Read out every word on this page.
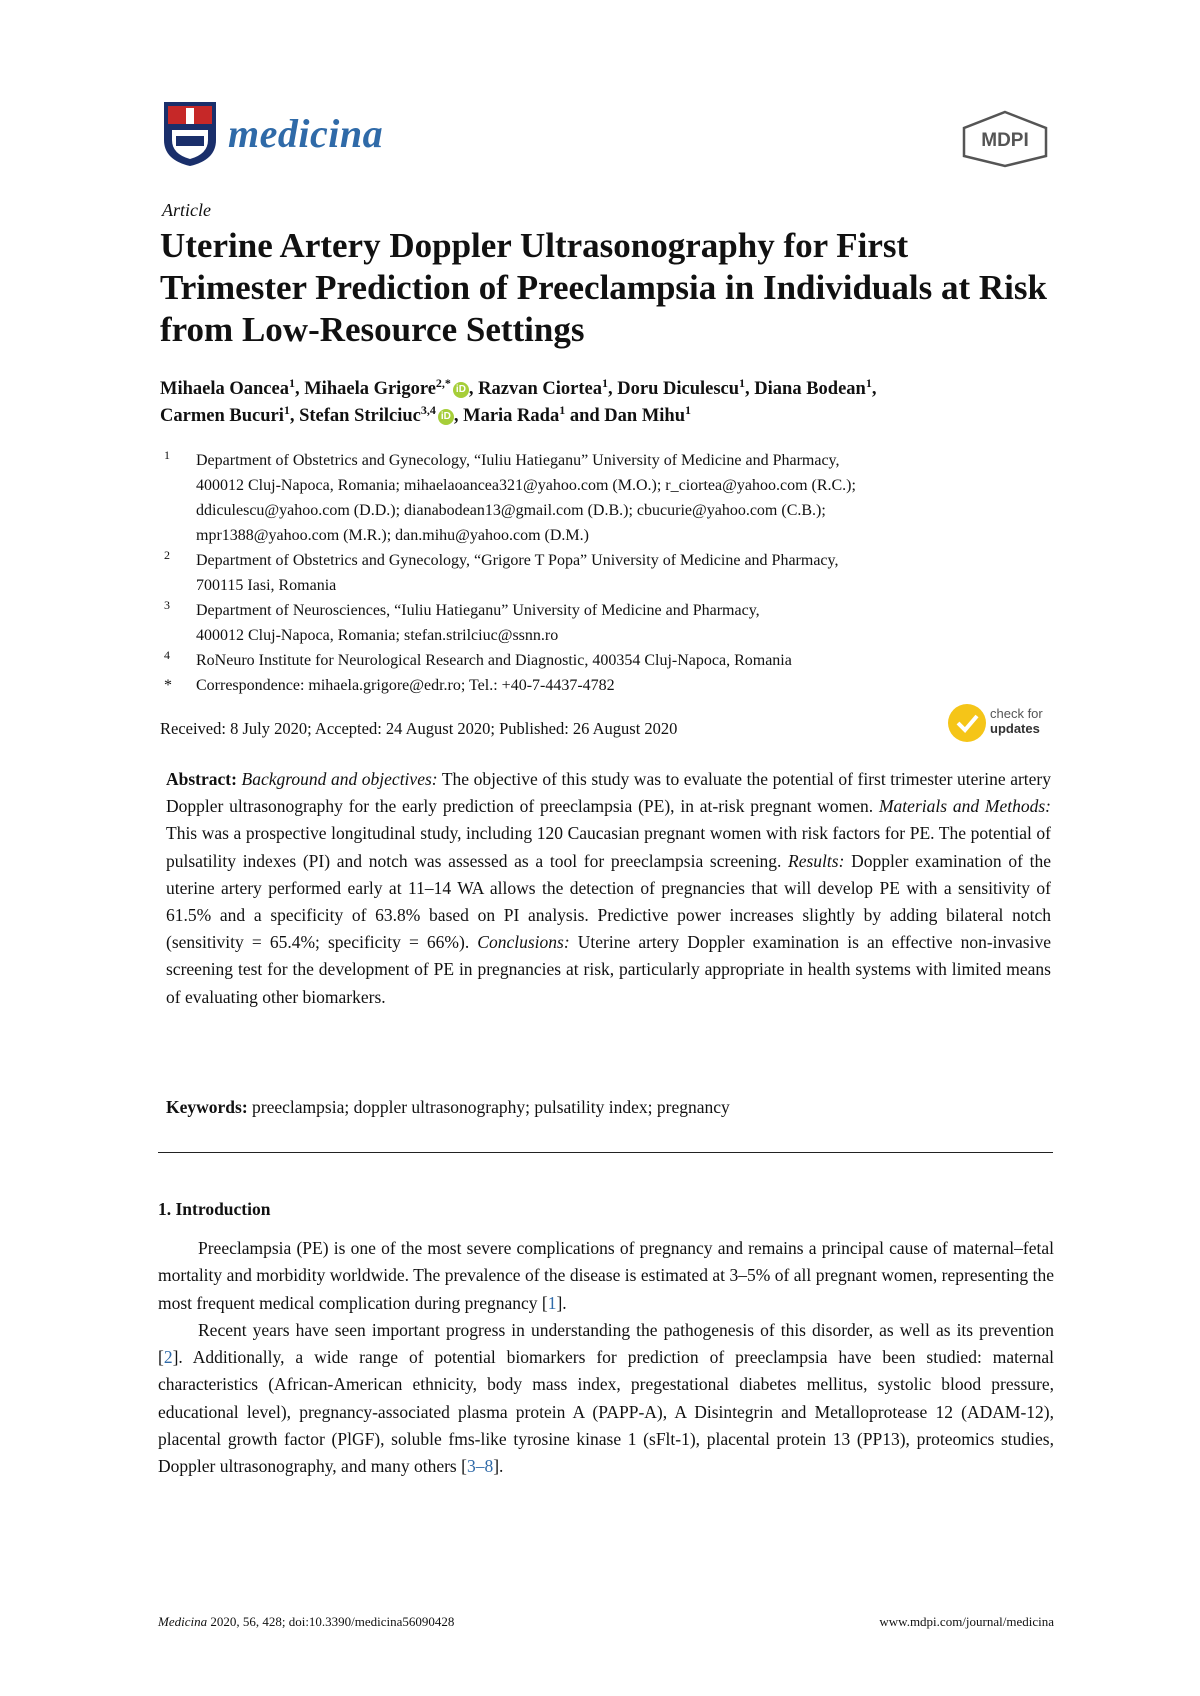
medicina	MDPI
Article
Uterine Artery Doppler Ultrasonography for First Trimester Prediction of Preeclampsia in Individuals at Risk from Low-Resource Settings
Mihaela Oancea$^1$, Mihaela Grigore$^{2,*}$ iD , Razvan Ciortea$^1$, Doru Diculescu$^1$, Diana Bodean$^1$,
Carmen Bucuri$^1$, Stefan Strilciuc$^{3,4}$ iD , Maria Rada$^1$ and Dan Mihu$^1$
1 Department of Obstetrics and Gynecology, “Iuliu Hatieganu” University of Medicine and Pharmacy,
400012 Cluj-Napoca, Romania; mihaelaoancea321@yahoo.com (M.O.); r_ciortea@yahoo.com (R.C.);
ddiculescu@yahoo.com (D.D.); dianabodean13@gmail.com (D.B.); cbucurie@yahoo.com (C.B.);
mpr1388@yahoo.com (M.R.); dan.mihu@yahoo.com (D.M.)
2 Department of Obstetrics and Gynecology, “Grigore T Popa” University of Medicine and Pharmacy,
700115 Iasi, Romania
3 Department of Neurosciences, “Iuliu Hatieganu” University of Medicine and Pharmacy,
400012 Cluj-Napoca, Romania; stefan.strilciuc@ssnn.ro
4 RoNeuro Institute for Neurological Research and Diagnostic, 400354 Cluj-Napoca, Romania
* Correspondence: mihaela.grigore@edr.ro; Tel.: +40-7-4437-4782
Received: 8 July 2020; Accepted: 24 August 2020; Published: 26 August 2020
check for
updates
Abstract: Background and objectives: The objective of this study was to evaluate the potential of first trimester uterine artery Doppler ultrasonography for the early prediction of preeclampsia (PE), in at-risk pregnant women. Materials and Methods: This was a prospective longitudinal study, including 120 Caucasian pregnant women with risk factors for PE. The potential of pulsatility indexes (PI) and notch was assessed as a tool for preeclampsia screening. Results: Doppler examination of the uterine artery performed early at 11–14 WA allows the detection of pregnancies that will develop PE with a sensitivity of 61.5% and a specificity of 63.8% based on PI analysis. Predictive power increases slightly by adding bilateral notch (sensitivity = 65.4%; specificity = 66%). Conclusions: Uterine artery Doppler examination is an effective non-invasive screening test for the development of PE in pregnancies at risk, particularly appropriate in health systems with limited means of evaluating other biomarkers.
Keywords: preeclampsia; doppler ultrasonography; pulsatility index; pregnancy
1. Introduction

Preeclampsia (PE) is one of the most severe complications of pregnancy and remains a principal cause of maternal–fetal mortality and morbidity worldwide. The prevalence of the disease is estimated at 3–5% of all pregnant women, representing the most frequent medical complication during pregnancy [1].

Recent years have seen important progress in understanding the pathogenesis of this disorder, as well as its prevention [2]. Additionally, a wide range of potential biomarkers for prediction of preeclampsia have been studied: maternal characteristics (African-American ethnicity, body mass index, pregestational diabetes mellitus, systolic blood pressure, educational level), pregnancy-associated plasma protein A (PAPP-A), A Disintegrin and Metalloprotease 12 (ADAM-12), placental growth factor (PlGF), soluble fms-like tyrosine kinase 1 (sFlt-1), placental protein 13 (PP13), proteomics studies, Doppler ultrasonography, and many others [3–8].

Medicina 2020, 56, 428; doi:10.3390/medicina56090428	www.mdpi.com/journal/medicina
